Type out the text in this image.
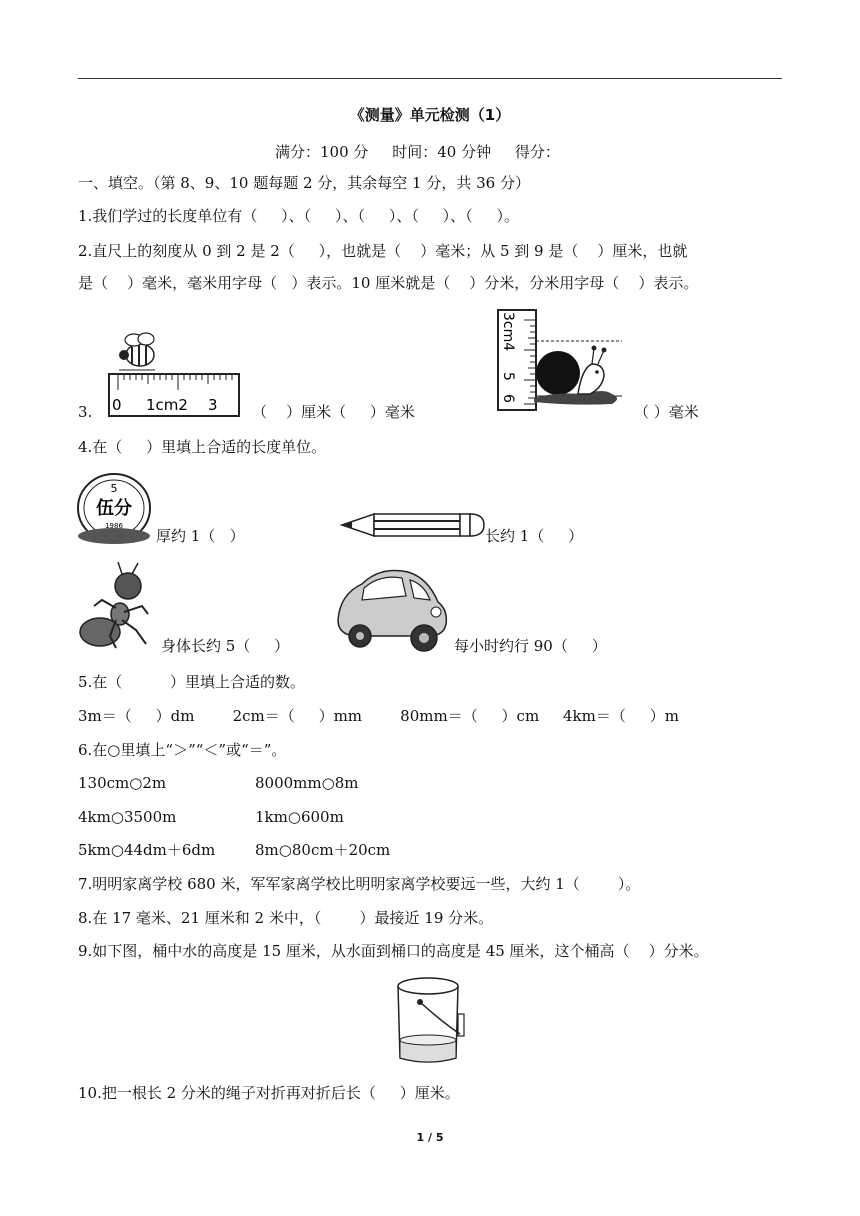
《测量》单元检测（1）
满分：100 分     时间：40 分钟     得分：
一、填空。（第 8、9、10 题每题 2 分，其余每空 1 分，共 36 分）
1.我们学过的长度单位有（     ）、（     ）、（     ）、（     ）、（     ）。
2.直尺上的刻度从 0 到 2 是 2（     ），也就是（    ）毫米；从 5 到 9 是（    ）厘米，也就
是（    ）毫米，毫米用字母（   ）表示。10 厘米就是（    ）分米，分米用字母（    ）表示。
3. 0 1cm2 3 （    ）厘米（     ）毫米
3cm4
5
6
（ ）毫米
4.在（     ）里填上合适的长度单位。
5
伍分
1986
厚约 1（   ）	长约 1（     ）
身体长约 5（     ）	每小时约行 90（     ）
5.在（          ）里填上合适的数。
3m＝（     ）dm        2cm＝（     ）mm        80mm＝（     ）cm     4km＝（     ）m
6.在○里填上“＞”“＜”或“＝”。
130cm○2m	8000mm○8m
4km○3500m	1km○600m
5km○44dm＋6dm	8m○80cm＋20cm
7.明明家离学校 680 米，军军家离学校比明明家离学校要远一些，大约 1（        ）。
8.在 17 毫米、21 厘米和 2 米中，（        ）最接近 19 分米。
9.如下图，桶中水的高度是 15 厘米，从水面到桶口的高度是 45 厘米，这个桶高（    ）分米。
10.把一根长 2 分米的绳子对折再对折后长（     ）厘米。
1 / 5
